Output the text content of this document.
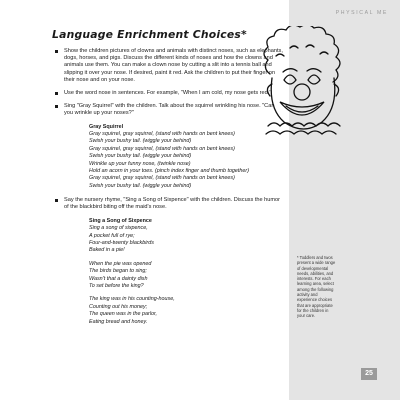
PHYSICAL ME
Language Enrichment Choices*
Show the children pictures of clowns and animals with distinct noses, such as elephants, dogs, horses, and pigs. Discuss the different kinds of noses and how the clowns and animals use them. You can make a clown nose by cutting a slit into a tennis ball and slipping it over your nose. If desired, paint it red. Ask the children to put their finger on their nose and on your nose.
Use the word nose in sentences. For example, "When I am cold, my nose gets red."
Sing "Gray Squirrel" with the children. Talk about the squirrel wrinkling his nose. "Can you wrinkle up your noses?"
Gray Squirrel
Gray squirrel, gray squirrel, (stand with hands on bent knees)
Swish your bushy tail. (wiggle your behind)
Gray squirrel, gray squirrel, (stand with hands on bent knees)
Swish your bushy tail. (wiggle your behind)
Wrinkle up your funny nose, (twinkle nose)
Hold an acorn in your toes. (pinch index finger and thumb together)
Gray squirrel, gray squirrel, (stand with hands on bent knees)
Swish your bushy tail. (wiggle your behind)
Say the nursery rhyme, "Sing a Song of Sixpence" with the children. Discuss the humor of the blackbird biting off the maid's nose.
Sing a Song of Sixpence
Sing a song of sixpence,
A pocket full of rye;
Four-and-twenty blackbirds
Baked in a pie!
When the pie was opened
The birds began to sing;
Wasn't that a dainty dish
To set before the king?
The king was in his counting-house,
Counting out his money;
The queen was in the parlor,
Eating bread and honey.
* Toddlers and twos present a wide range of developmental needs, abilities, and interests. For each learning area, select among the following activity and experience choices that are appropriate for the children in your care.
25
